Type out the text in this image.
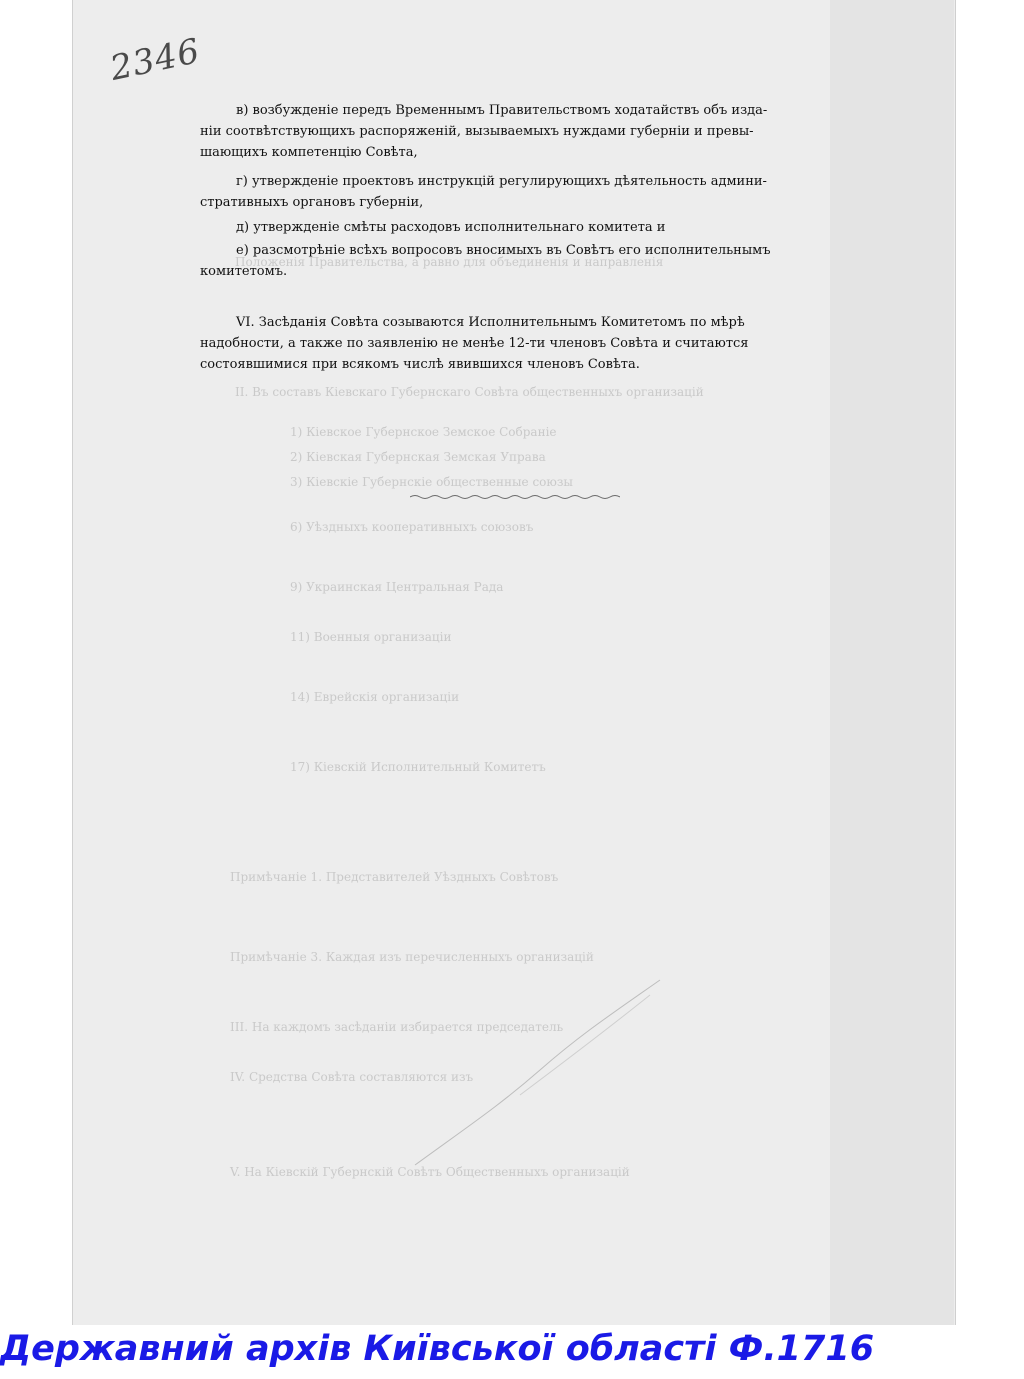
Положенiя Правительства, а равно для объединенiя и направленiя
II. Въ составъ Кiевскаго Губернскаго Совѣта общественныхъ организацiй
1) Кiевское Губернское Земское Собранiе
2) Кiевская Губернская Земская Управа
3) Кiевскiе Губернскiе общественные союзы
6) Уѣздныхъ кооперативныхъ союзовъ
9) Украинская Центральная Рада
11) Военныя организацiи
14) Еврейскiя организацiи
17) Кiевскiй Исполнительный Комитетъ
Примѣчанiе 1. Представителей Уѣздныхъ Совѣтовъ
Примѣчанiе 3. Каждая изъ перечисленныхъ организацiй
III. На каждомъ засѣданiи избирается председатель
IV. Средства Совѣта составляются изъ
V. На Кiевскiй Губернскiй Совѣтъ Общественныхъ организацiй
2346
в) возбужденіе передъ Временнымъ Правительствомъ ходатайствъ объ изда-
нiи соотвѣтствующихъ распоряженiй, вызываемыхъ нуждами губернiи и превы-
шающихъ компетенцiю Совѣта,
г) утвержденiе проектовъ инструкцiй регулирующихъ дѣятельность админи-
стративныхъ органовъ губернiи,
д) утвержденiе смѣты расходовъ исполнительнаго комитета и
е) разсмотрѣнiе всѣхъ вопросовъ вносимыхъ въ Совѣтъ его исполнительнымъ
комитетомъ.
VI. Засѣданiя Совѣта созываются Исполнительнымъ Комитетомъ по мѣрѣ
надобности, а также по заявленiю не менѣе 12-ти членовъ Совѣта и считаются
состоявшимися при всякомъ числѣ явившихся членовъ Совѣта.
Державний архів Київської області Ф.1716
